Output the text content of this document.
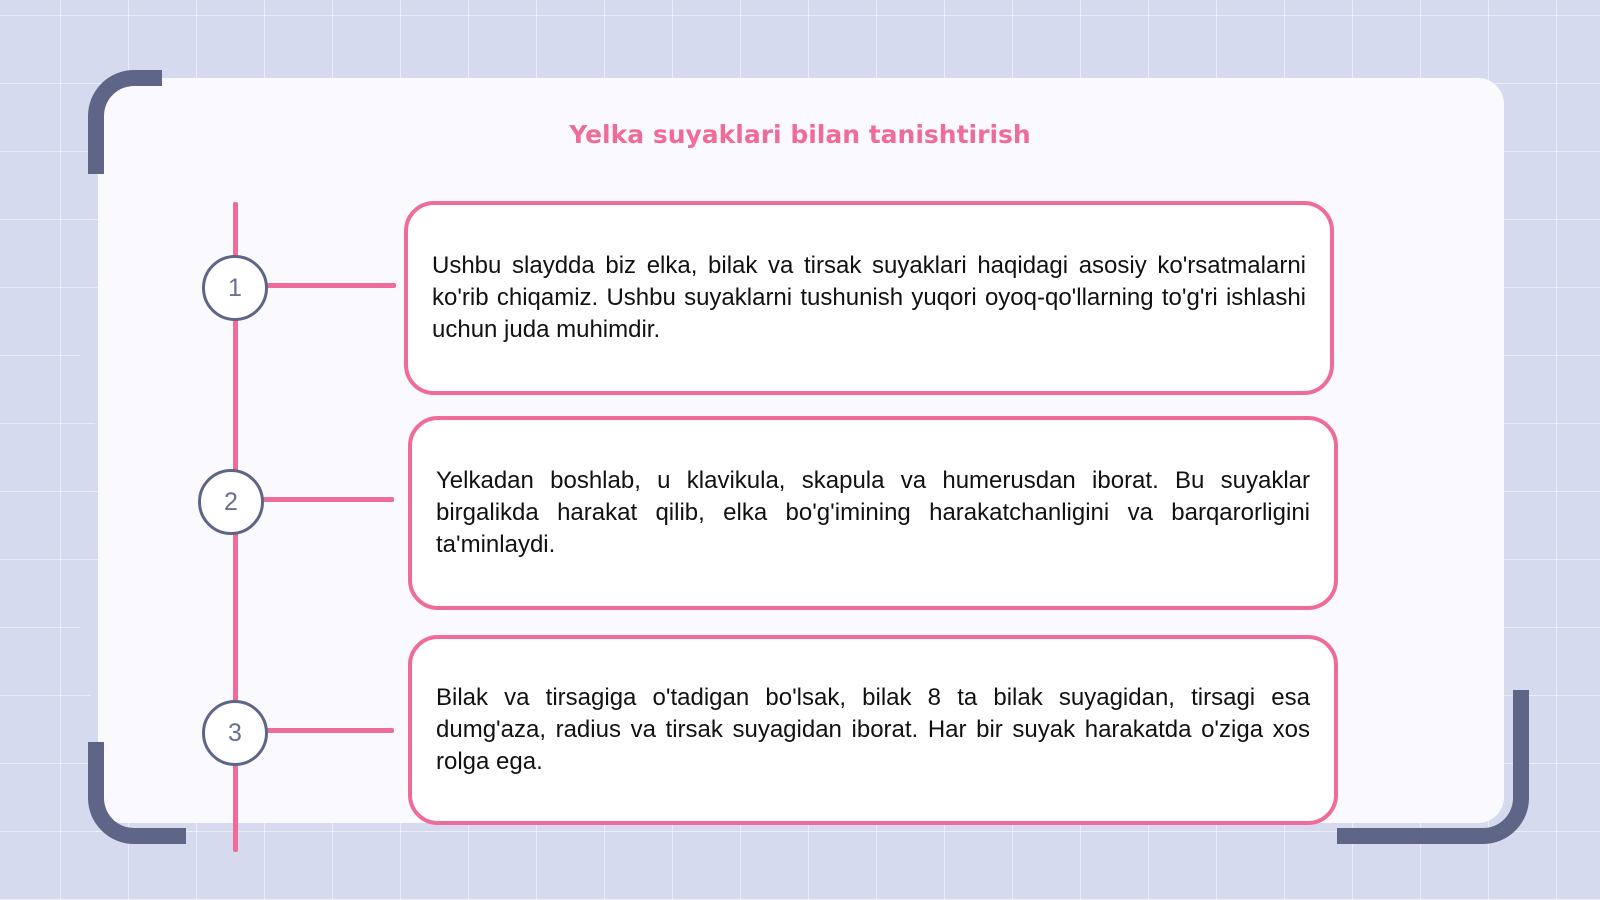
Yelka suyaklari bilan tanishtirish
1

Ushbu slaydda biz elka, bilak va tirsak suyaklari haqidagi asosiy ko'rsatmalarni ko'rib chiqamiz. Ushbu suyaklarni tushunish yuqori oyoq-qo'llarning to'g'ri ishlashi uchun juda muhimdir.

2

Yelkadan boshlab, u klavikula, skapula va humerusdan iborat. Bu suyaklar birgalikda harakat qilib, elka bo'g'imining harakatchanligini va barqarorligini ta'minlaydi.

3

Bilak va tirsagiga o'tadigan bo'lsak, bilak 8 ta bilak suyagidan, tirsagi esa dumg'aza, radius va tirsak suyagidan iborat. Har bir suyak harakatda o'ziga xos rolga ega.
